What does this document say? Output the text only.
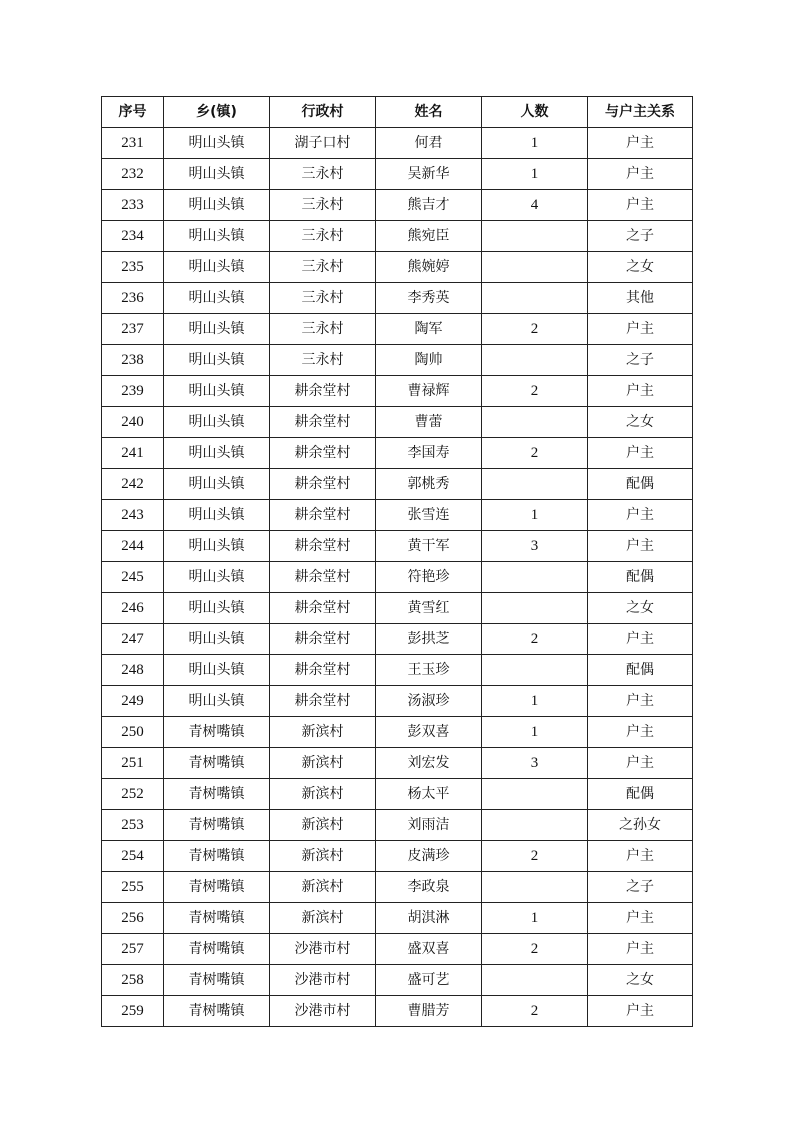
序号	乡(镇)	行政村	姓名	人数	与户主关系
231	明山头镇	湖子口村	何君	1	户主
232	明山头镇	三永村	吴新华	1	户主
233	明山头镇	三永村	熊吉才	4	户主
234	明山头镇	三永村	熊宛臣		之子
235	明山头镇	三永村	熊婉婷		之女
236	明山头镇	三永村	李秀英		其他
237	明山头镇	三永村	陶军	2	户主
238	明山头镇	三永村	陶帅		之子
239	明山头镇	耕余堂村	曹禄辉	2	户主
240	明山头镇	耕余堂村	曹蕾		之女
241	明山头镇	耕余堂村	李国寿	2	户主
242	明山头镇	耕余堂村	郭桃秀		配偶
243	明山头镇	耕余堂村	张雪连	1	户主
244	明山头镇	耕余堂村	黄干军	3	户主
245	明山头镇	耕余堂村	符艳珍		配偶
246	明山头镇	耕余堂村	黄雪红		之女
247	明山头镇	耕余堂村	彭拱芝	2	户主
248	明山头镇	耕余堂村	王玉珍		配偶
249	明山头镇	耕余堂村	汤淑珍	1	户主
250	青树嘴镇	新滨村	彭双喜	1	户主
251	青树嘴镇	新滨村	刘宏发	3	户主
252	青树嘴镇	新滨村	杨太平		配偶
253	青树嘴镇	新滨村	刘雨洁		之孙女
254	青树嘴镇	新滨村	皮满珍	2	户主
255	青树嘴镇	新滨村	李政泉		之子
256	青树嘴镇	新滨村	胡淇淋	1	户主
257	青树嘴镇	沙港市村	盛双喜	2	户主
258	青树嘴镇	沙港市村	盛可艺		之女
259	青树嘴镇	沙港市村	曹腊芳	2	户主
